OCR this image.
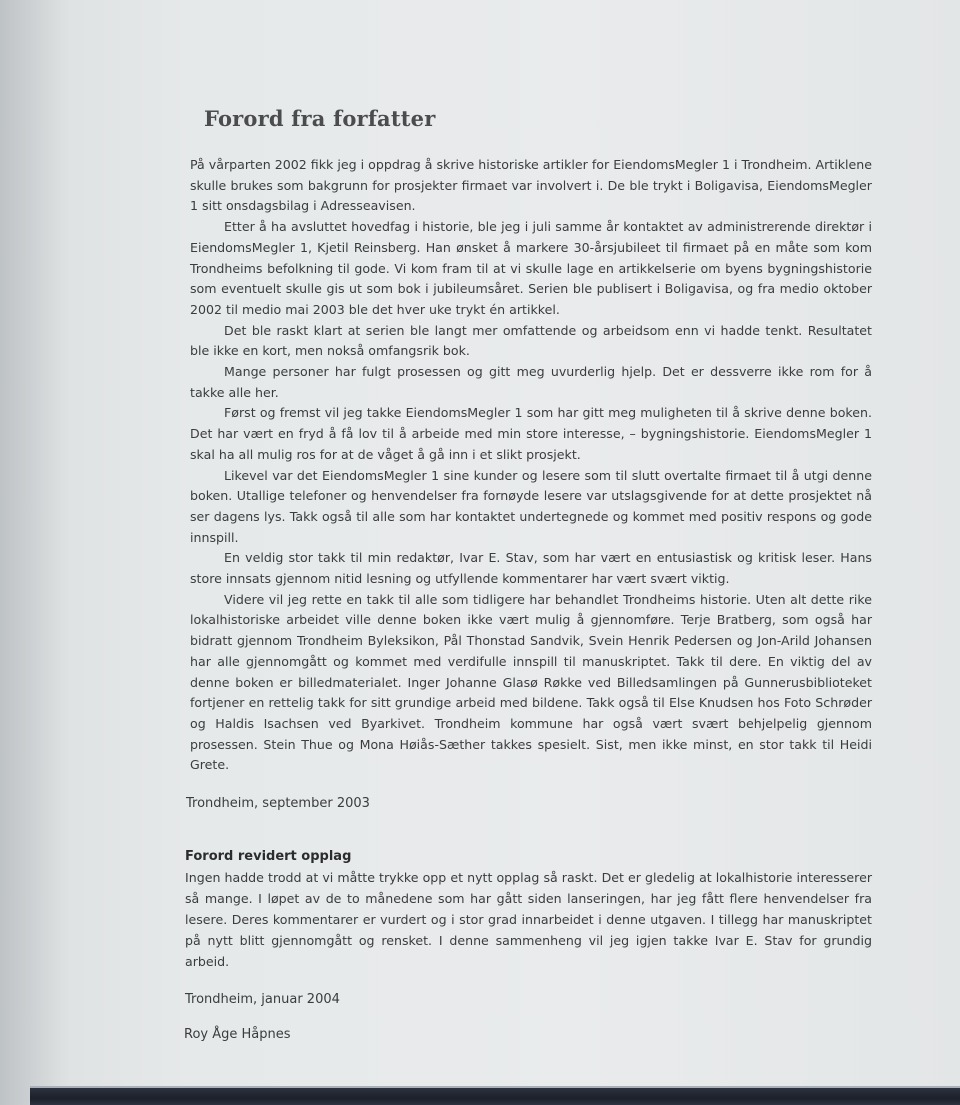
Forord fra forfatter

På vårparten 2002 fikk jeg i oppdrag å skrive historiske artikler for EiendomsMegler 1 i Trondheim. Artiklene skulle brukes som bakgrunn for prosjekter firmaet var involvert i. De ble trykt i Boligavisa, EiendomsMegler 1 sitt onsdagsbilag i Adresseavisen.

Etter å ha avsluttet hovedfag i historie, ble jeg i juli samme år kontaktet av administrerende direktør i EiendomsMegler 1, Kjetil Reinsberg. Han ønsket å markere 30-årsjubileet til firmaet på en måte som kom Trondheims befolkning til gode. Vi kom fram til at vi skulle lage en artikkelserie om byens bygningshistorie som eventuelt skulle gis ut som bok i jubileumsåret. Serien ble publisert i Boligavisa, og fra medio oktober 2002 til medio mai 2003 ble det hver uke trykt én artikkel.

Det ble raskt klart at serien ble langt mer omfattende og arbeidsom enn vi hadde tenkt. Resultatet ble ikke en kort, men nokså omfangsrik bok.

Mange personer har fulgt prosessen og gitt meg uvurderlig hjelp. Det er dessverre ikke rom for å takke alle her.

Først og fremst vil jeg takke EiendomsMegler 1 som har gitt meg muligheten til å skrive denne boken. Det har vært en fryd å få lov til å arbeide med min store interesse, – bygningshistorie. EiendomsMegler 1 skal ha all mulig ros for at de våget å gå inn i et slikt prosjekt.

Likevel var det EiendomsMegler 1 sine kunder og lesere som til slutt overtalte firmaet til å utgi denne boken. Utallige telefoner og henvendelser fra fornøyde lesere var utslagsgivende for at dette prosjektet nå ser dagens lys. Takk også til alle som har kontaktet undertegnede og kommet med positiv respons og gode innspill.

En veldig stor takk til min redaktør, Ivar E. Stav, som har vært en entusiastisk og kritisk leser. Hans store innsats gjennom nitid lesning og utfyllende kommentarer har vært svært viktig.

Videre vil jeg rette en takk til alle som tidligere har behandlet Trondheims historie. Uten alt dette rike lokalhistoriske arbeidet ville denne boken ikke vært mulig å gjennomføre. Terje Bratberg, som også har bidratt gjennom Trondheim Byleksikon, Pål Thonstad Sandvik, Svein Henrik Pedersen og Jon-Arild Johansen har alle gjennomgått og kommet med verdifulle innspill til manuskriptet. Takk til dere. En viktig del av denne boken er billedmaterialet. Inger Johanne Glasø Røkke ved Billedsamlingen på Gunnerusbiblioteket fortjener en rettelig takk for sitt grundige arbeid med bildene. Takk også til Else Knudsen hos Foto Schrøder og Haldis Isachsen ved Byarkivet. Trondheim kommune har også vært svært behjelpelig gjennom prosessen. Stein Thue og Mona Høiås-Sæther takkes spesielt. Sist, men ikke minst, en stor takk til Heidi Grete.

Trondheim, september 2003
Forord revidert opplag

Ingen hadde trodd at vi måtte trykke opp et nytt opplag så raskt. Det er gledelig at lokalhistorie interesserer så mange. I løpet av de to månedene som har gått siden lanseringen, har jeg fått flere henvendelser fra lesere. Deres kommentarer er vurdert og i stor grad innarbeidet i denne utgaven. I tillegg har manuskriptet på nytt blitt gjennomgått og rensket. I denne sammenheng vil jeg igjen takke Ivar E. Stav for grundig arbeid.

Trondheim, januar 2004
Roy Åge Håpnes
